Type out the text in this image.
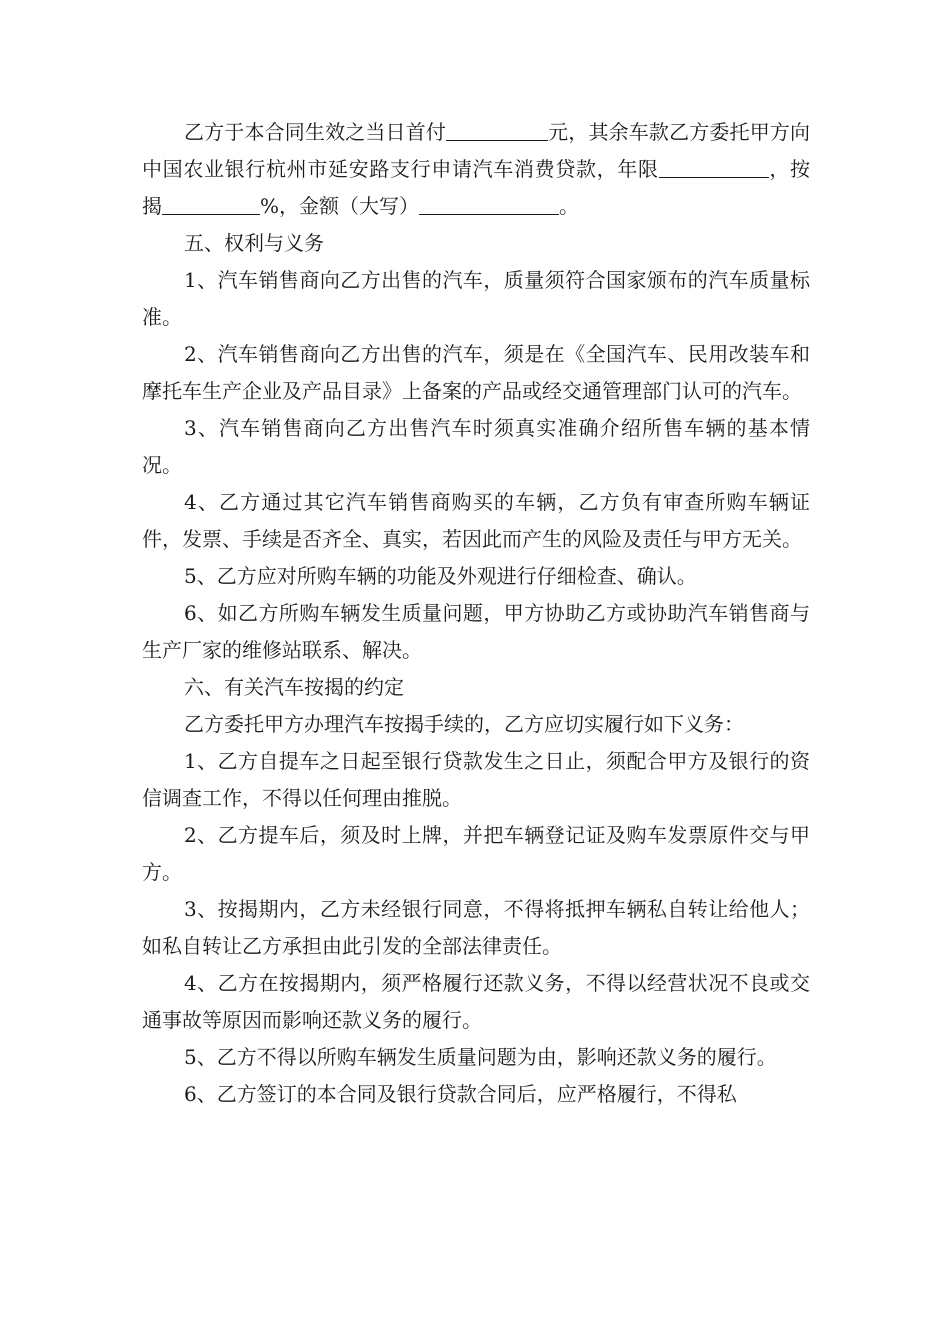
乙方于本合同生效之当日首付	元，其余车款乙方委托甲方向中国农业银行杭州市延安路支行申请汽车消费贷款，年限	，按揭	%，金额（大写）	。

五、权利与义务

1、汽车销售商向乙方出售的汽车，质量须符合国家颁布的汽车质量标准。

2、汽车销售商向乙方出售的汽车，须是在《全国汽车、民用改装车和摩托车生产企业及产品目录》上备案的产品或经交通管理部门认可的汽车。

3、汽车销售商向乙方出售汽车时须真实准确介绍所售车辆的基本情况。

4、乙方通过其它汽车销售商购买的车辆，乙方负有审查所购车辆证件，发票、手续是否齐全、真实，若因此而产生的风险及责任与甲方无关。

5、乙方应对所购车辆的功能及外观进行仔细检查、确认。

6、如乙方所购车辆发生质量问题，甲方协助乙方或协助汽车销售商与生产厂家的维修站联系、解决。

六、有关汽车按揭的约定

乙方委托甲方办理汽车按揭手续的，乙方应切实履行如下义务：

1、乙方自提车之日起至银行贷款发生之日止，须配合甲方及银行的资信调查工作，不得以任何理由推脱。

2、乙方提车后，须及时上牌，并把车辆登记证及购车发票原件交与甲方。

3、按揭期内，乙方未经银行同意，不得将抵押车辆私自转让给他人；如私自转让乙方承担由此引发的全部法律责任。

4、乙方在按揭期内，须严格履行还款义务，不得以经营状况不良或交通事故等原因而影响还款义务的履行。

5、乙方不得以所购车辆发生质量问题为由，影响还款义务的履行。

6、乙方签订的本合同及银行贷款合同后，应严格履行，不得私
